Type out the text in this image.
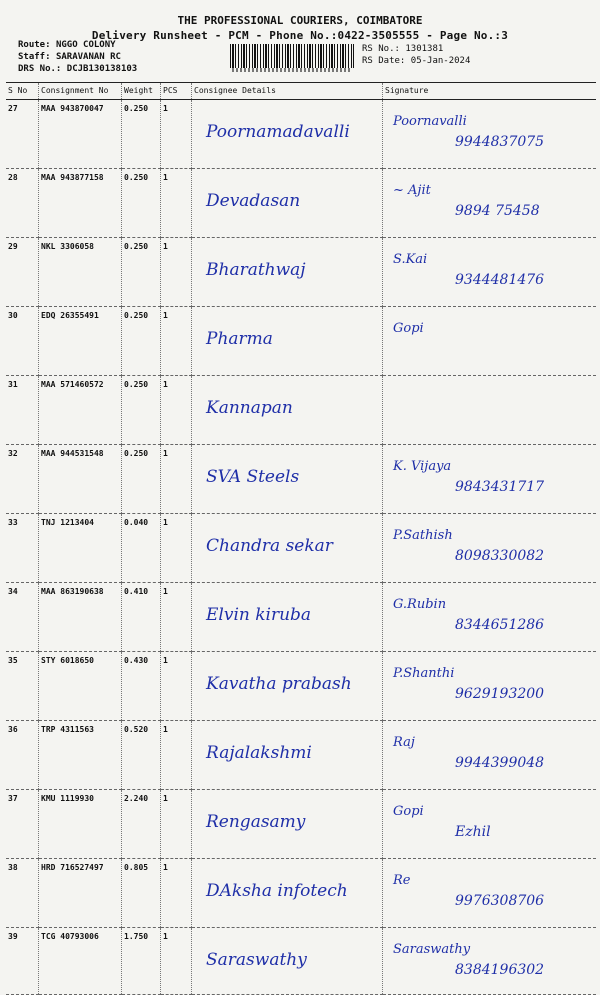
THE PROFESSIONAL COURIERS, COIMBATORE
Delivery Runsheet - PCM - Phone No.:0422-3505555 - Page No.:3
Route: NGGO COLONY
Staff: SARAVANAN RC
DRS No.: DCJB130138103
RS No.: 1301381
RS Date: 05-Jan-2024
S No	Consignment No	Weight	PCS	Consignee Details	Signature
27	MAA 943870047	0.250	1	Poornamadavalli	Poornavalli
9944837075

28	MAA 943877158	0.250	1	Devadasan	~ Ajit
9894 75458

29	NKL 3306058	0.250	1	Bharathwaj	S.Kai
9344481476

30	EDQ 26355491	0.250	1	Pharma	Gopi

31	MAA 571460572	0.250	1	Kannapan	

32	MAA 944531548	0.250	1	SVA Steels	K. Vijaya
9843431717

33	TNJ 1213404	0.040	1	Chandra sekar	P.Sathish
8098330082

34	MAA 863190638	0.410	1	Elvin kiruba	G.Rubin
8344651286

35	STY 6018650	0.430	1	Kavatha prabash	P.Shanthi
9629193200

36	TRP 4311563	0.520	1	Rajalakshmi	Raj
9944399048

37	KMU 1119930	2.240	1	Rengasamy	Gopi
Ezhil

38	HRD 716527497	0.805	1	DAksha infotech	Re
9976308706

39	TCG 40793006	1.750	1	Saraswathy	Saraswathy
8384196302
